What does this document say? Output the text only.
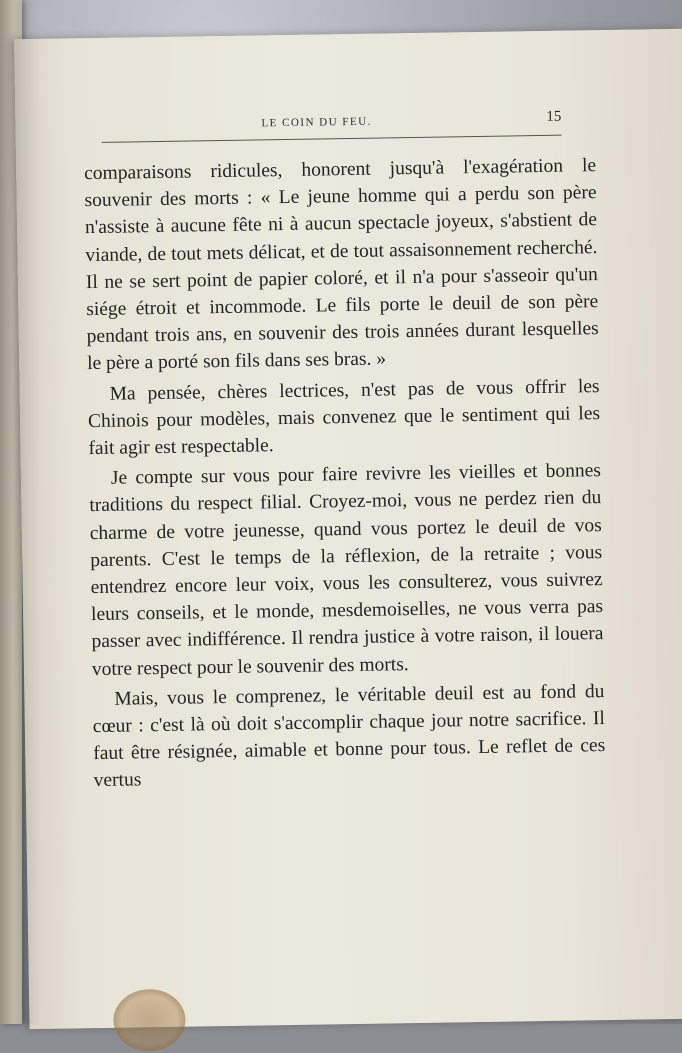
LE COIN DU FEU.	15

comparaisons ridicules, honorent jusqu'à l'exagération le souvenir des morts : « Le jeune homme qui a perdu son père n'assiste à aucune fête ni à aucun spectacle joyeux, s'abstient de viande, de tout mets délicat, et de tout assaisonnement recherché. Il ne se sert point de papier coloré, et il n'a pour s'asseoir qu'un siége étroit et incommode. Le fils porte le deuil de son père pendant trois ans, en souvenir des trois années durant lesquelles le père a porté son fils dans ses bras. »

Ma pensée, chères lectrices, n'est pas de vous offrir les Chinois pour modèles, mais convenez que le sentiment qui les fait agir est respectable.

Je compte sur vous pour faire revivre les vieilles et bonnes traditions du respect filial. Croyez-moi, vous ne perdez rien du charme de votre jeunesse, quand vous portez le deuil de vos parents. C'est le temps de la réflexion, de la retraite ; vous entendrez encore leur voix, vous les consulterez, vous suivrez leurs conseils, et le monde, mesdemoiselles, ne vous verra pas passer avec indifférence. Il rendra justice à votre raison, il louera votre respect pour le souvenir des morts.

Mais, vous le comprenez, le véritable deuil est au fond du cœur : c'est là où doit s'accomplir chaque jour notre sacrifice. Il faut être résignée, aimable et bonne pour tous. Le reflet de ces vertus
